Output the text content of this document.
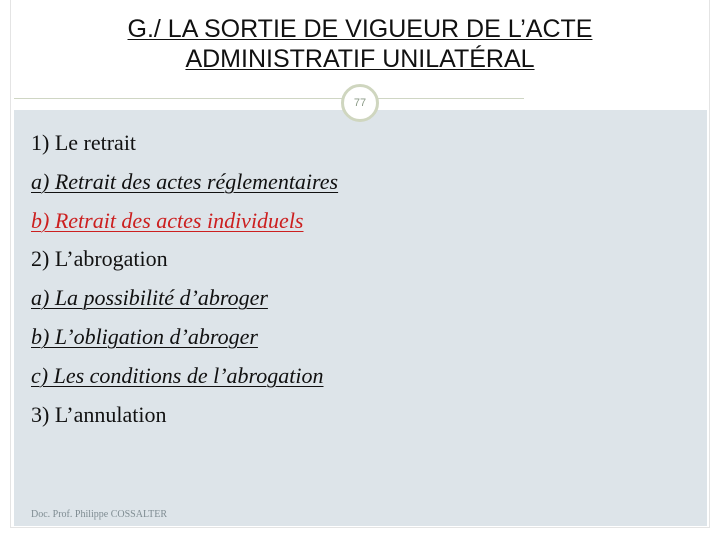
G./ LA SORTIE DE VIGUEUR DE L’ACTE
ADMINISTRATIF UNILATÉRAL
77
1) Le retrait
a) Retrait des actes réglementaires
b) Retrait des actes individuels
2) L’abrogation
a) La possibilité d’abroger
b) L’obligation d’abroger
c) Les conditions de l’abrogation
3) L’annulation
Doc. Prof. Philippe COSSALTER
